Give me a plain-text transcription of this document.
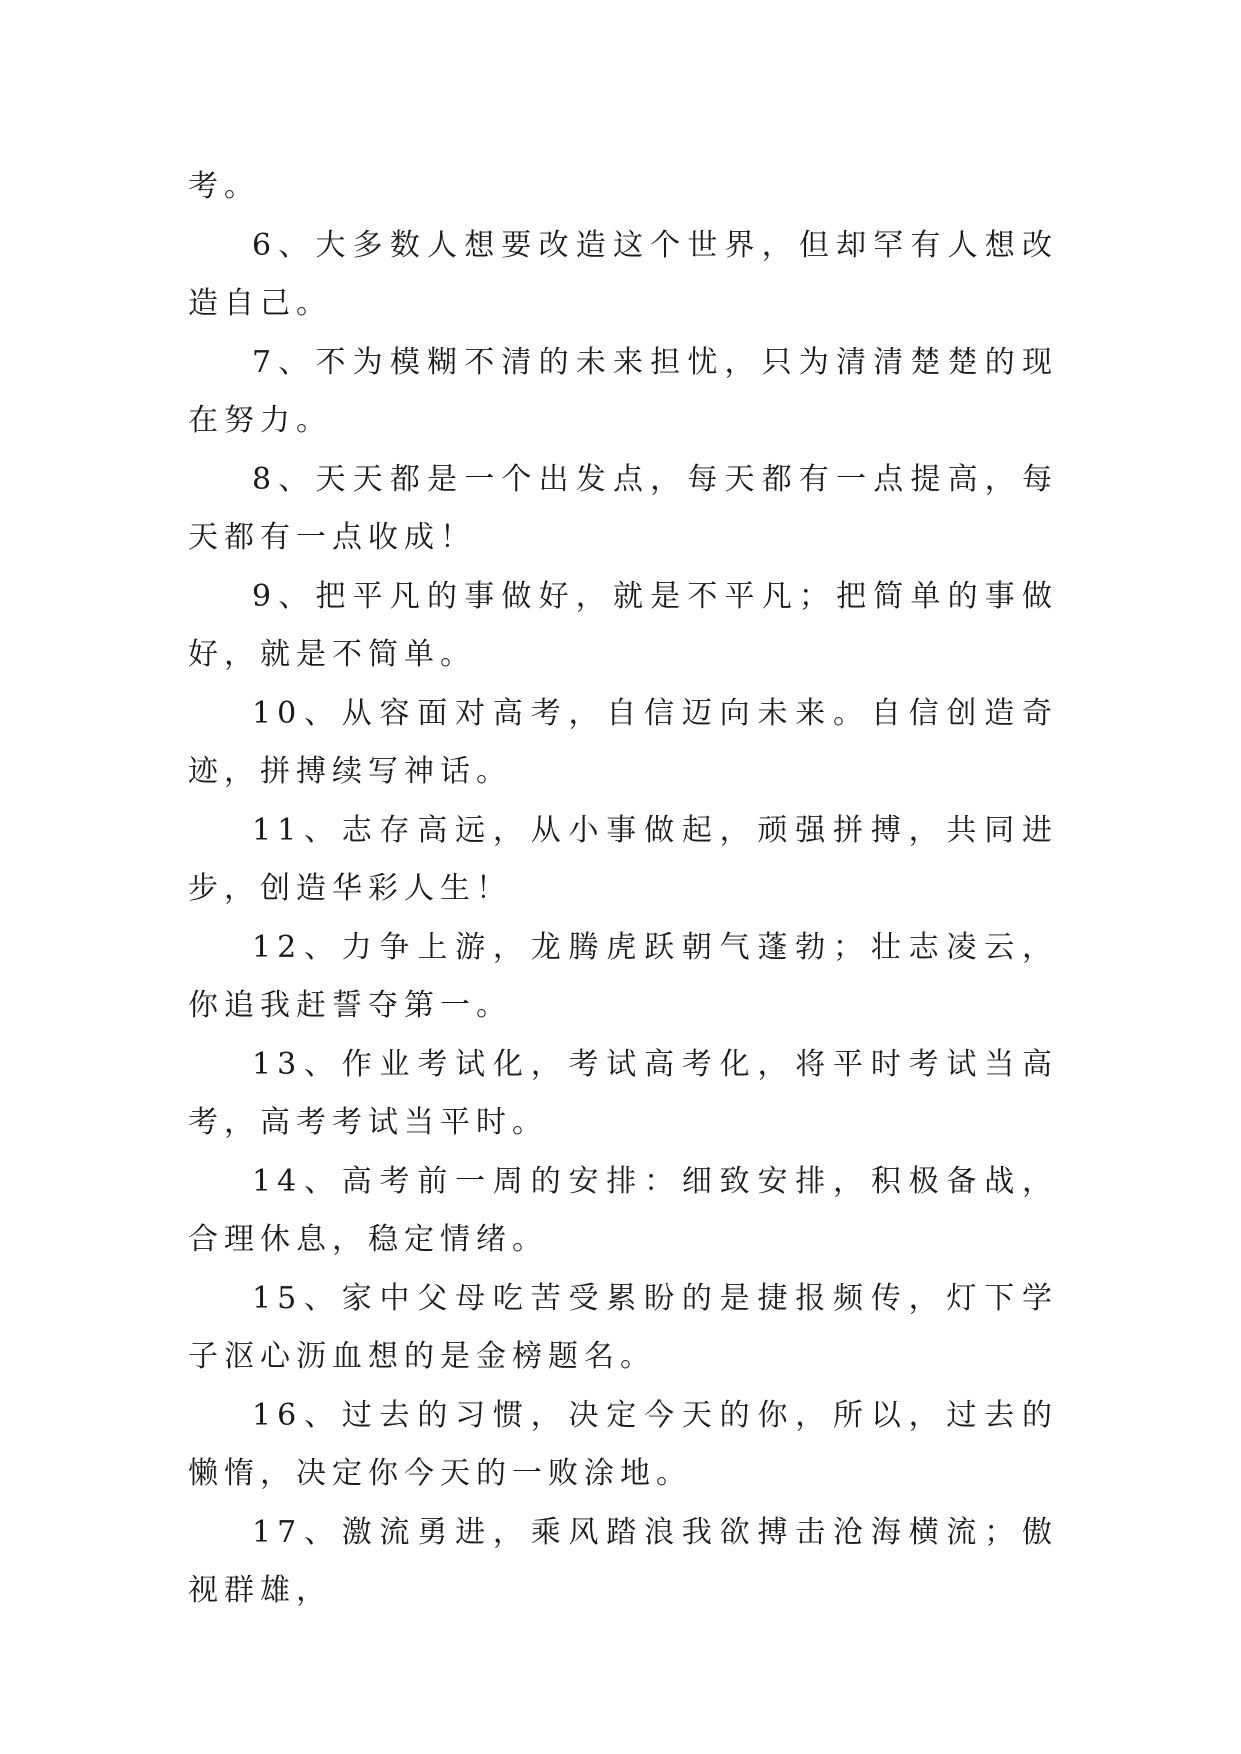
考。

6、大多数人想要改造这个世界，但却罕有人想改造自己。

7、不为模糊不清的未来担忧，只为清清楚楚的现在努力。

8、天天都是一个出发点，每天都有一点提高，每天都有一点收成！

9、把平凡的事做好，就是不平凡；把简单的事做好，就是不简单。

10、从容面对高考，自信迈向未来。自信创造奇迹，拼搏续写神话。

11、志存高远，从小事做起，顽强拼搏，共同进步，创造华彩人生！

12、力争上游，龙腾虎跃朝气蓬勃；壮志凌云，你追我赶誓夺第一。

13、作业考试化，考试高考化，将平时考试当高考，高考考试当平时。

14、高考前一周的安排：细致安排，积极备战，合理休息，稳定情绪。

15、家中父母吃苦受累盼的是捷报频传，灯下学子沤心沥血想的是金榜题名。

16、过去的习惯，决定今天的你，所以，过去的懒惰，决定你今天的一败涂地。

17、激流勇进，乘风踏浪我欲搏击沧海横流；傲视群雄，
